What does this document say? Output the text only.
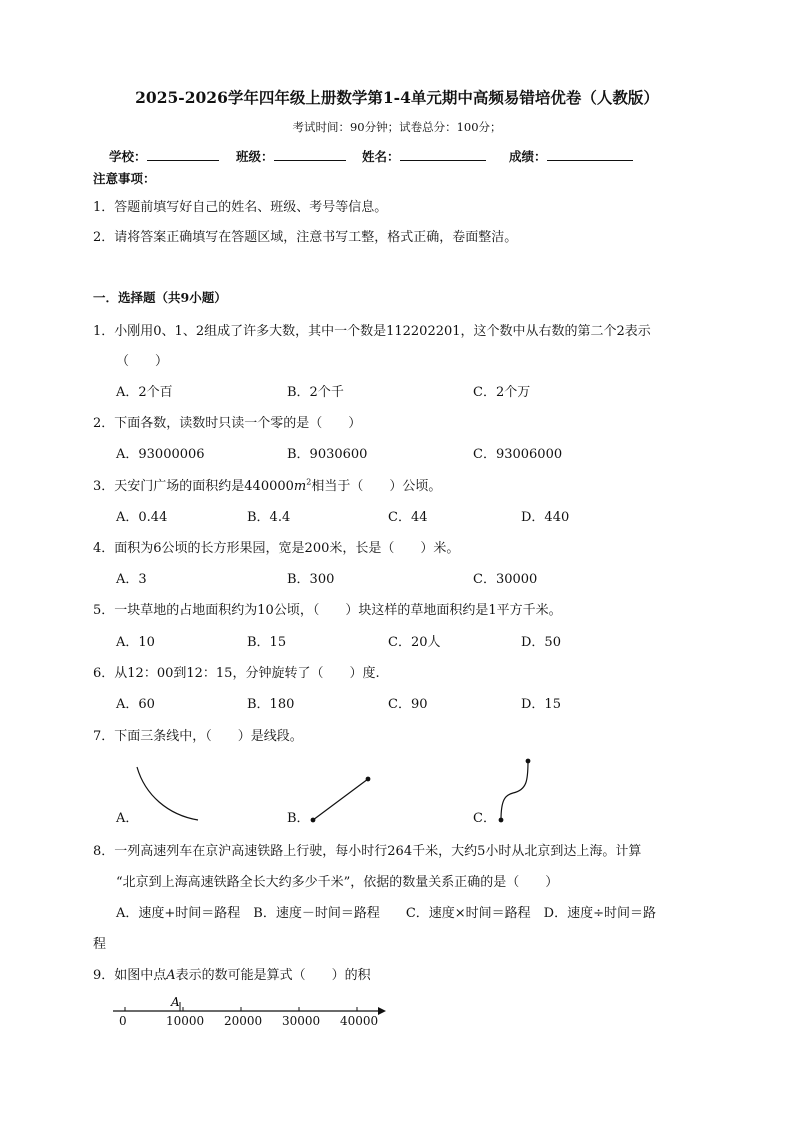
2025-2026学年四年级上册数学第1-4单元期中高频易错培优卷（人教版）
考试时间：90分钟；试卷总分：100分；
学校：	班级：	姓名：	成绩：
注意事项：
1．答题前填写好自己的姓名、班级、考号等信息。
2．请将答案正确填写在答题区域，注意书写工整，格式正确，卷面整洁。
一．选择题（共9小题）
1．小刚用0、1、2组成了许多大数，其中一个数是112202201，这个数中从右数的第二个2表示
（　　）
A．2个百	B．2个千	C．2个万
2．下面各数，读数时只读一个零的是（　　）
A．93000006	B．9030600	C．93006000
3．天安门广场的面积约是$440000m^2$相当于（　　）公顷。
A．0.44	B．4.4	C．44	D．440
4．面积为6公顷的长方形果园，宽是200米，长是（　　）米。
A．3	B．300	C．30000
5．一块草地的占地面积约为10公顷，（　　）块这样的草地面积约是1平方千米。
A．10	B．15	C．20人	D．50
6．从12：00到12：15，分钟旋转了（　　）度.
A．60	B．180	C．90	D．15
7．下面三条线中，（　　）是线段。
A．	B．	C．
8．一列高速列车在京沪高速铁路上行驶，每小时行264千米，大约5小时从北京到达上海。计算
“北京到上海高速铁路全长大约多少千米”，依据的数量关系正确的是（　　）
A．速度+时间＝路程　B．速度－时间＝路程　　C．速度×时间＝路程　D．速度÷时间＝路
程
9．如图中点A表示的数可能是算式（　　）的积
A
0	10000 20000 30000 40000
